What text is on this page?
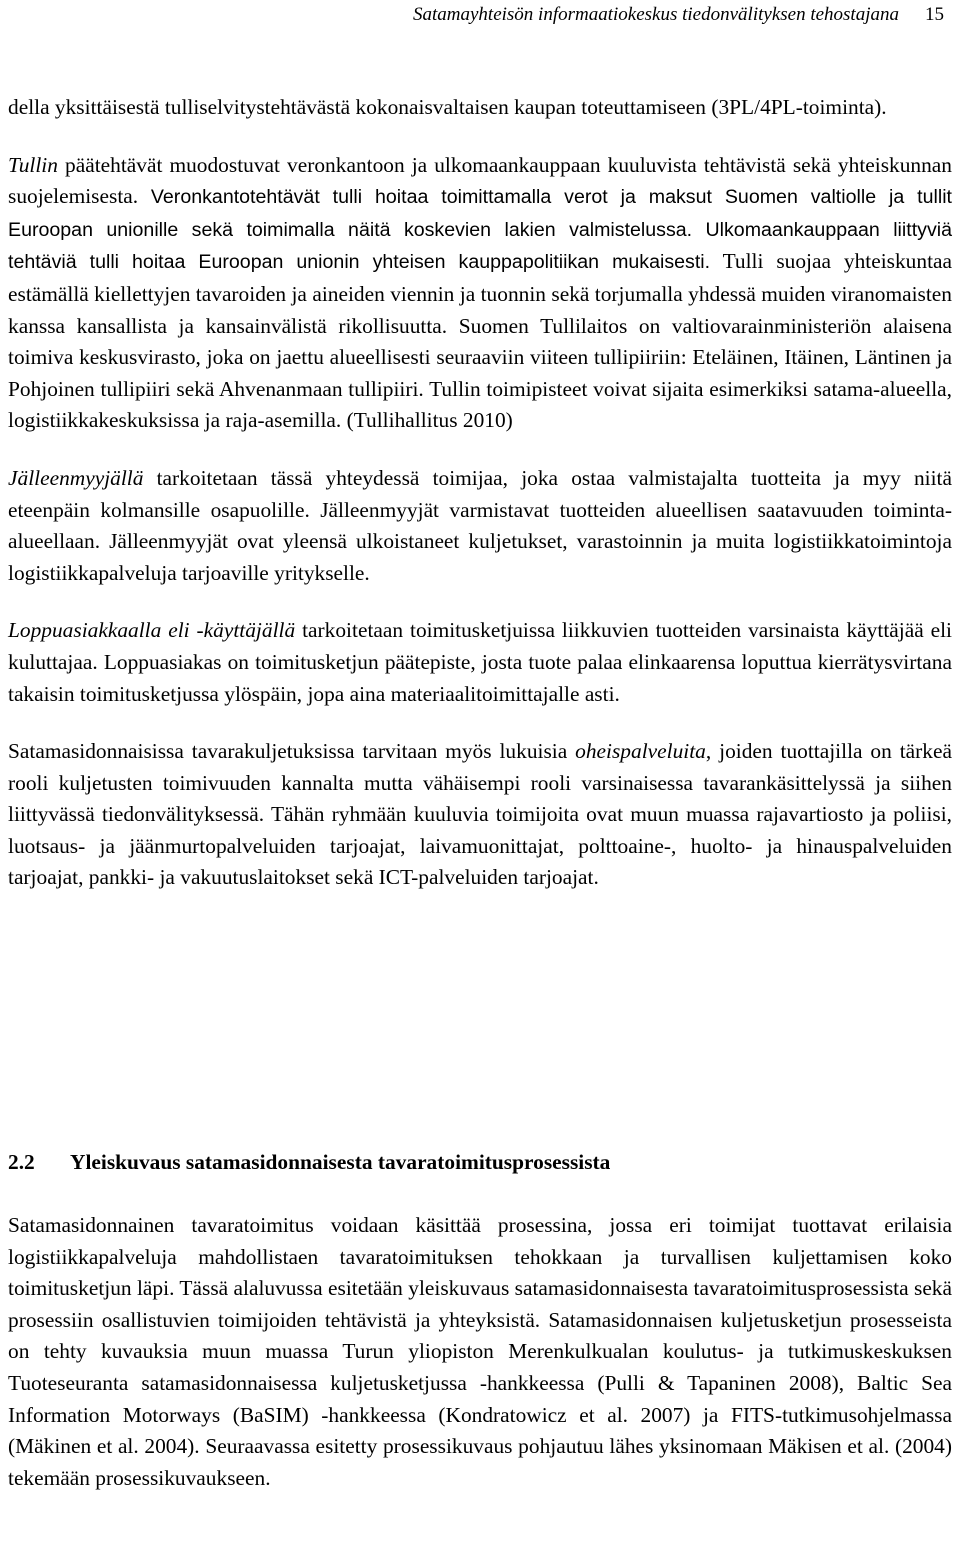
Satamayhteisön informaatiokeskus tiedonvälityksen tehostajana 15

della yksittäisestä tulliselvitystehtävästä kokonaisvaltaisen kaupan toteuttamiseen (3PL/4PL-toiminta).

Tullin päätehtävät muodostuvat veronkantoon ja ulkomaankauppaan kuuluvista tehtävistä sekä yhteiskunnan suojelemisesta. Veronkantotehtävät tulli hoitaa toimittamalla verot ja maksut Suomen valtiolle ja tullit Euroopan unionille sekä toimimalla näitä koskevien lakien valmistelussa. Ulkomaankauppaan liittyviä tehtäviä tulli hoitaa Euroopan unionin yhteisen kauppapolitiikan mukaisesti. Tulli suojaa yhteiskuntaa estämällä kiellettyjen tavaroiden ja aineiden viennin ja tuonnin sekä torjumalla yhdessä muiden viranomaisten kanssa kansallista ja kansainvälistä rikollisuutta. Suomen Tullilaitos on valtiovarainministeriön alaisena toimiva keskusvirasto, joka on jaettu alueellisesti seuraaviin viiteen tullipiiriin: Eteläinen, Itäinen, Läntinen ja Pohjoinen tullipiiri sekä Ahvenanmaan tullipiiri. Tullin toimipisteet voivat sijaita esimerkiksi satama-alueella, logistiikkakeskuksissa ja raja-asemilla. (Tullihallitus 2010)

Jälleenmyyjällä tarkoitetaan tässä yhteydessä toimijaa, joka ostaa valmistajalta tuotteita ja myy niitä eteenpäin kolmansille osapuolille. Jälleenmyyjät varmistavat tuotteiden alueellisen saatavuuden toiminta-alueellaan. Jälleenmyyjät ovat yleensä ulkoistaneet kuljetukset, varastoinnin ja muita logistiikkatoimintoja logistiikkapalveluja tarjoaville yritykselle.

Loppuasiakkaalla eli -käyttäjällä tarkoitetaan toimitusketjuissa liikkuvien tuotteiden varsinaista käyttäjää eli kuluttajaa. Loppuasiakas on toimitusketjun päätepiste, josta tuote palaa elinkaarensa loputtua kierrätysvirtana takaisin toimitusketjussa ylöspäin, jopa aina materiaalitoimittajalle asti.

Satamasidonnaisissa tavarakuljetuksissa tarvitaan myös lukuisia oheispalveluita, joiden tuottajilla on tärkeä rooli kuljetusten toimivuuden kannalta mutta vähäisempi rooli varsinaisessa tavarankäsittelyssä ja siihen liittyvässä tiedonvälityksessä. Tähän ryhmään kuuluvia toimijoita ovat muun muassa rajavartiosto ja poliisi, luotsaus- ja jäänmurtopalveluiden tarjoajat, laivamuonittajat, polttoaine-, huolto- ja hinauspalveluiden tarjoajat, pankki- ja vakuutuslaitokset sekä ICT-palveluiden tarjoajat.

2.2 Yleiskuvaus satamasidonnaisesta tavaratoimitusprosessista

Satamasidonnainen tavaratoimitus voidaan käsittää prosessina, jossa eri toimijat tuottavat erilaisia logistiikkapalveluja mahdollistaen tavaratoimituksen tehokkaan ja turvallisen kuljettamisen koko toimitusketjun läpi. Tässä alaluvussa esitetään yleiskuvaus satamasidonnaisesta tavaratoimitusprosessista sekä prosessiin osallistuvien toimijoiden tehtävistä ja yhteyksistä. Satamasidonnaisen kuljetusketjun prosesseista on tehty kuvauksia muun muassa Turun yliopiston Merenkulkualan koulutus- ja tutkimuskeskuksen Tuoteseuranta satamasidonnaisessa kuljetusketjussa -hankkeessa (Pulli & Tapaninen 2008), Baltic Sea Information Motorways (BaSIM) -hankkeessa (Kondratowicz et al. 2007) ja FITS-tutkimusohjelmassa (Mäkinen et al. 2004). Seuraavassa esitetty prosessikuvaus pohjautuu lähes yksinomaan Mäkisen et al. (2004) tekemään prosessikuvaukseen.
